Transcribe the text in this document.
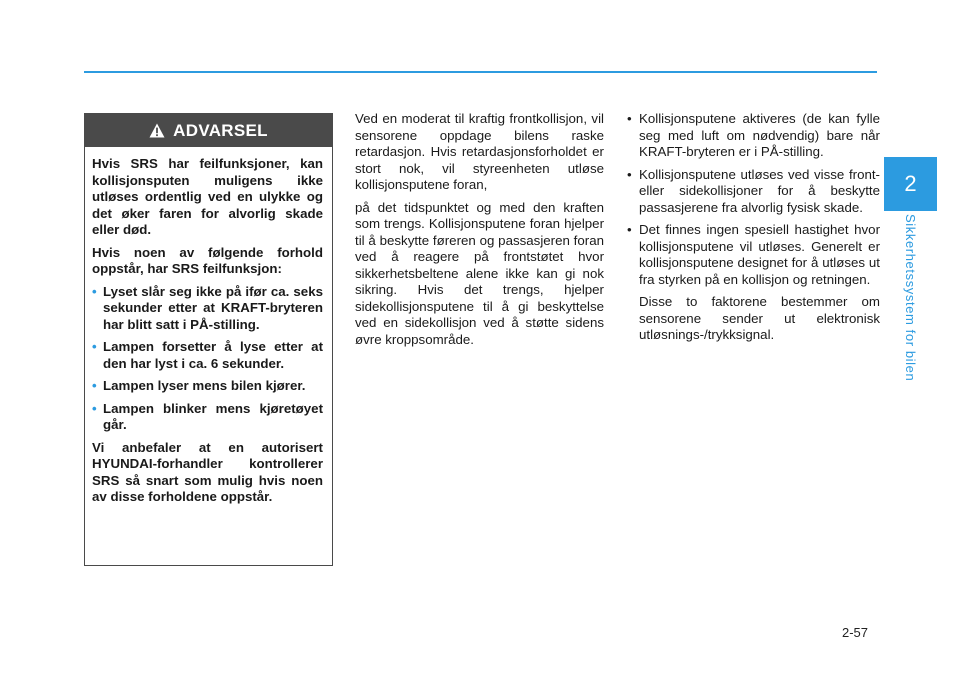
2
Sikkerhetssystem for bilen
ADVARSEL

Hvis SRS har feilfunksjoner, kan kollisjonsputen muligens ikke utløses ordentlig ved en ulykke og det øker faren for alvorlig skade eller død.

Hvis noen av følgende forhold oppstår, har SRS feilfunksjon:

• Lyset slår seg ikke på ifør ca. seks sekunder etter at KRAFT-bryteren har blitt satt i PÅ-stilling.
• Lampen forsetter å lyse etter at den har lyst i ca. 6 sekunder.
• Lampen lyser mens bilen kjører.
• Lampen blinker mens kjøretøyet går.

Vi anbefaler at en autorisert HYUNDAI-forhandler kontrollerer SRS så snart som mulig hvis noen av disse forholdene oppstår.

Ved en moderat til kraftig frontkollisjon, vil sensorene oppdage bilens raske retardasjon. Hvis retardasjonsforholdet er stort nok, vil styreenheten utløse kollisjonsputene foran,

på det tidspunktet og med den kraften som trengs. Kollisjonsputene foran hjelper til å beskytte føreren og passasjeren foran ved å reagere på frontstøtet hvor sikkerhetsbeltene alene ikke kan gi nok sikring. Hvis det trengs, hjelper sidekollisjonsputene til å gi beskyttelse ved en sidekollisjon ved å støtte sidens øvre kroppsområde.

• Kollisjonsputene aktiveres (de kan fylle seg med luft om nødvendig) bare når KRAFT-bryteren er i PÅ-stilling.
• Kollisjonsputene utløses ved visse front- eller sidekollisjoner for å beskytte passasjerene fra alvorlig fysisk skade.
• Det finnes ingen spesiell hastighet hvor kollisjonsputene vil utløses. Generelt er kollisjonsputene designet for å utløses ut fra styrken på en kollisjon og retningen.

Disse to faktorene bestemmer om sensorene sender ut elektronisk utløsnings-/trykksignal.

2-57
